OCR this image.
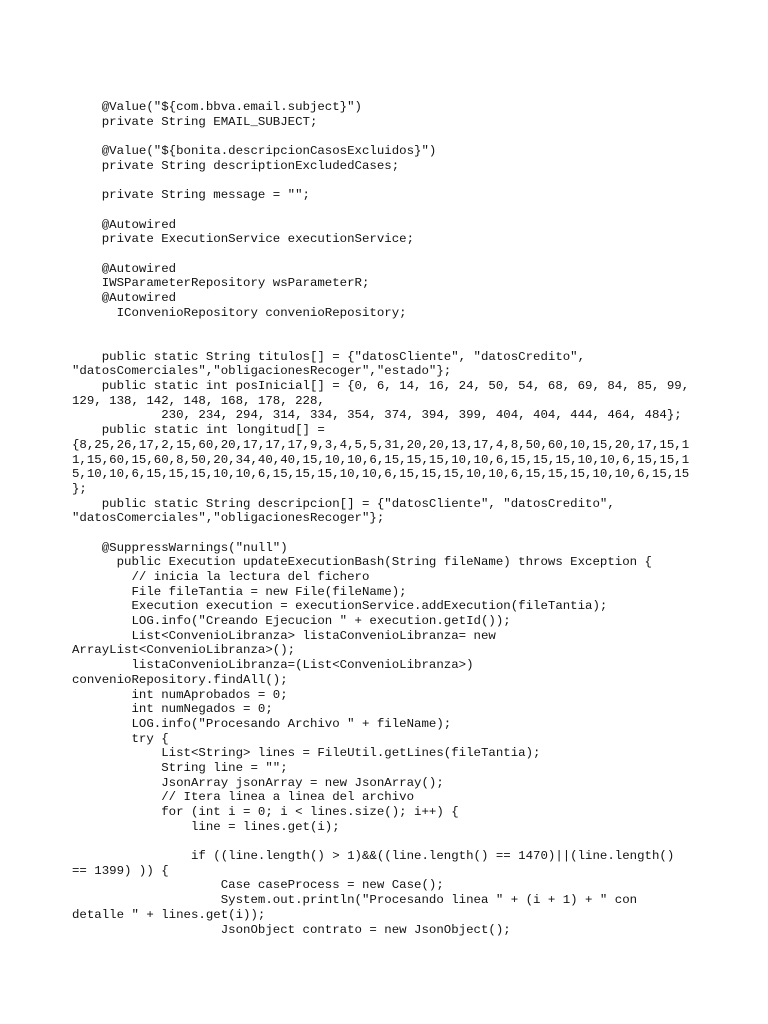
@Value("${com.bbva.email.subject}")
private String EMAIL_SUBJECT;
@Value("${bonita.descripcionCasosExcluidos}")
private String descriptionExcludedCases;
private String message = "";
@Autowired
private ExecutionService executionService;
@Autowired
IWSParameterRepository wsParameterR;
@Autowired
IConvenioRepository convenioRepository;
public static String titulos[] = {"datosCliente", "datosCredito",
"datosComerciales","obligacionesRecoger","estado"};
public static int posInicial[] = {0, 6, 14, 16, 24, 50, 54, 68, 69, 84, 85, 99,
129, 138, 142, 148, 168, 178, 228,
230, 234, 294, 314, 334, 354, 374, 394, 399, 404, 404, 444, 464, 484};
public static int longitud[] =
{8,25,26,17,2,15,60,20,17,17,17,9,3,4,5,5,31,20,20,13,17,4,8,50,60,10,15,20,17,15,1
1,15,60,15,60,8,50,20,34,40,40,15,10,10,6,15,15,15,10,10,6,15,15,15,10,10,6,15,15,1
5,10,10,6,15,15,15,10,10,6,15,15,15,10,10,6,15,15,15,10,10,6,15,15,15,10,10,6,15,15
};
public static String descripcion[] = {"datosCliente", "datosCredito",
"datosComerciales","obligacionesRecoger"};
@SuppressWarnings("null")
public Execution updateExecutionBash(String fileName) throws Exception {
// inicia la lectura del fichero
File fileTantia = new File(fileName);
Execution execution = executionService.addExecution(fileTantia);
LOG.info("Creando Ejecucion " + execution.getId());
List<ConvenioLibranza> listaConvenioLibranza= new
ArrayList<ConvenioLibranza>();
listaConvenioLibranza=(List<ConvenioLibranza>)
convenioRepository.findAll();
int numAprobados = 0;
int numNegados = 0;
LOG.info("Procesando Archivo " + fileName);
try {
List<String> lines = FileUtil.getLines(fileTantia);
String line = "";
JsonArray jsonArray = new JsonArray();
// Itera linea a linea del archivo
for (int i = 0; i < lines.size(); i++) {
line = lines.get(i);
if ((line.length() > 1)&&((line.length() == 1470)||(line.length()
== 1399) )) {
Case caseProcess = new Case();
System.out.println("Procesando linea " + (i + 1) + " con
detalle " + lines.get(i));
JsonObject contrato = new JsonObject();
